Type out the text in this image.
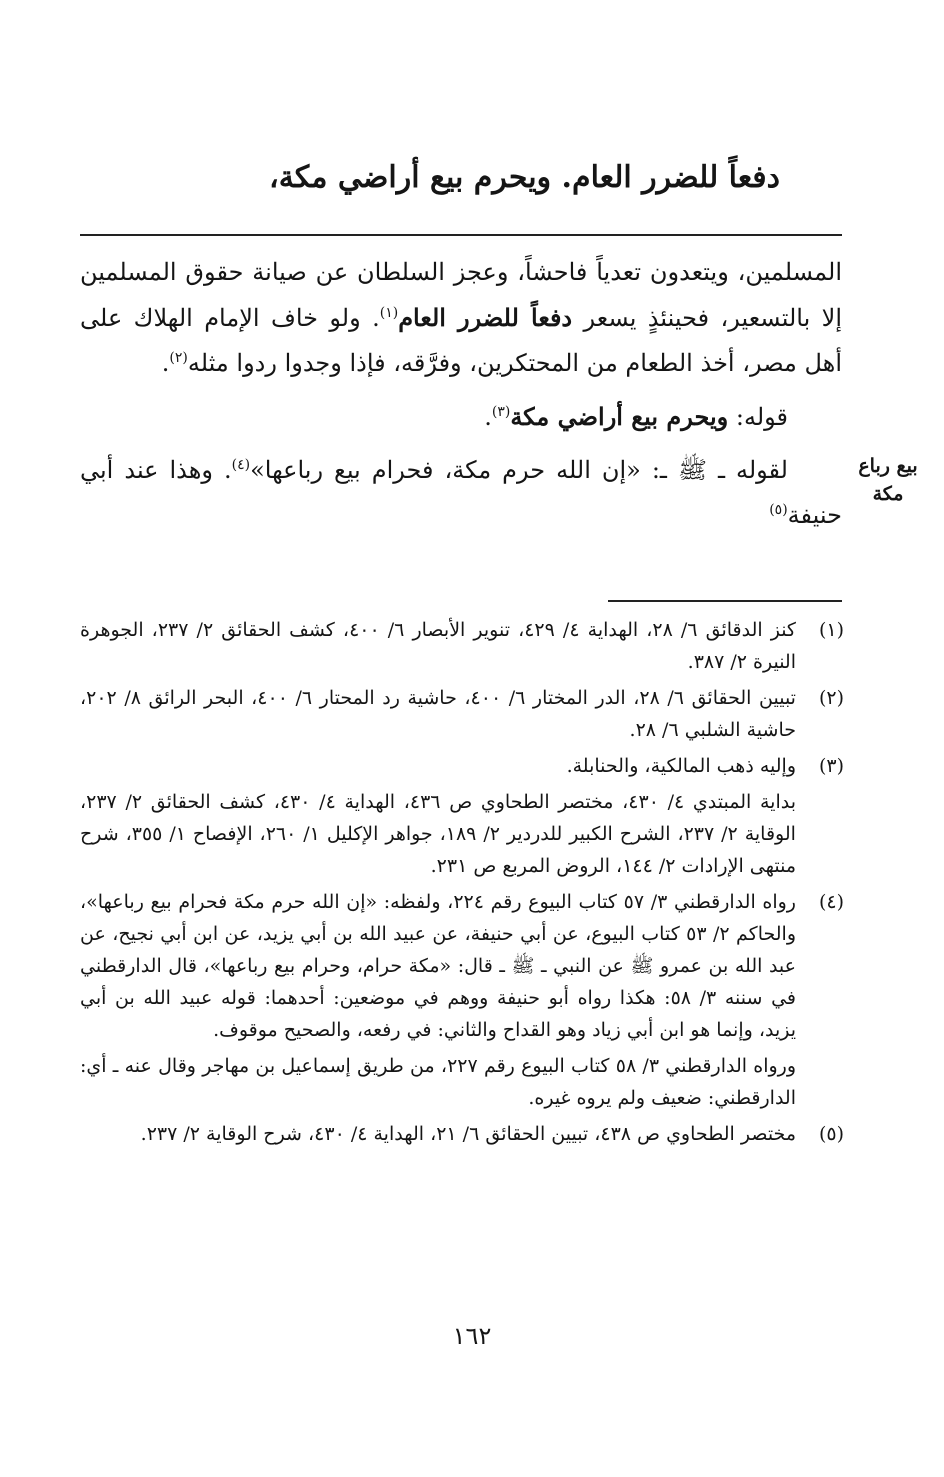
دفعاً للضرر العام. ويحرم بيع أراضي مكة،

المسلمين، ويتعدون تعدياً فاحشاً، وعجز السلطان عن صيانة حقوق المسلمين إلا بالتسعير، فحينئذٍ يسعر دفعاً للضرر العام$^{(١)}$. ولو خاف الإمام الهلاك على أهل مصر، أخذ الطعام من المحتكرين، وفرَّقه، فإذا وجدوا ردوا مثله$^{(٢)}$.

قوله: ويحرم بيع أراضي مكة$^{(٣)}$.

لقوله ـ ﷺ ـ: «إن الله حرم مكة، فحرام بيع رباعها»$^{(٤)}$. وهذا عند أبي حنيفة$^{(٥)}$

بيع رباع
مكة
(١)

كنز الدقائق ٦/ ٢٨، الهداية ٤/ ٤٢٩، تنوير الأبصار ٦/ ٤٠٠، كشف الحقائق ٢/ ٢٣٧، الجوهرة النيرة ٢/ ٣٨٧.

(٢)

تبيين الحقائق ٦/ ٢٨، الدر المختار ٦/ ٤٠٠، حاشية رد المحتار ٦/ ٤٠٠، البحر الرائق ٨/ ٢٠٢، حاشية الشلبي ٦/ ٢٨.

(٣)

وإليه ذهب المالكية، والحنابلة.

بداية المبتدي ٤/ ٤٣٠، مختصر الطحاوي ص ٤٣٦، الهداية ٤/ ٤٣٠، كشف الحقائق ٢/ ٢٣٧، الوقاية ٢/ ٢٣٧، الشرح الكبير للدردير ٢/ ١٨٩، جواهر الإكليل ١/ ٢٦٠، الإفصاح ١/ ٣٥٥، شرح منتهى الإرادات ٢/ ١٤٤، الروض المربع ص ٢٣١.
(٤)

رواه الدارقطني ٣/ ٥٧ كتاب البيوع رقم ٢٢٤، ولفظه: «إن الله حرم مكة فحرام بيع رباعها»، والحاكم ٢/ ٥٣ كتاب البيوع، عن أبي حنيفة، عن عبيد الله بن أبي يزيد، عن ابن أبي نجيح، عن عبد الله بن عمرو ﷺ عن النبي ـ ﷺ ـ قال: «مكة حرام، وحرام بيع رباعها»، قال الدارقطني في سننه ٣/ ٥٨: هكذا رواه أبو حنيفة ووهم في موضعين: أحدهما: قوله عبيد الله بن أبي يزيد، وإنما هو ابن أبي زياد وهو القداح والثاني: في رفعه، والصحيح موقوف.

ورواه الدارقطني ٣/ ٥٨ كتاب البيوع رقم ٢٢٧، من طريق إسماعيل بن مهاجر وقال عنه ـ أي: الدارقطني: ضعيف ولم يروه غيره.
(٥)

مختصر الطحاوي ص ٤٣٨، تبيين الحقائق ٦/ ٢١، الهداية ٤/ ٤٣٠، شرح الوقاية ٢/ ٢٣٧.

١٦٢
